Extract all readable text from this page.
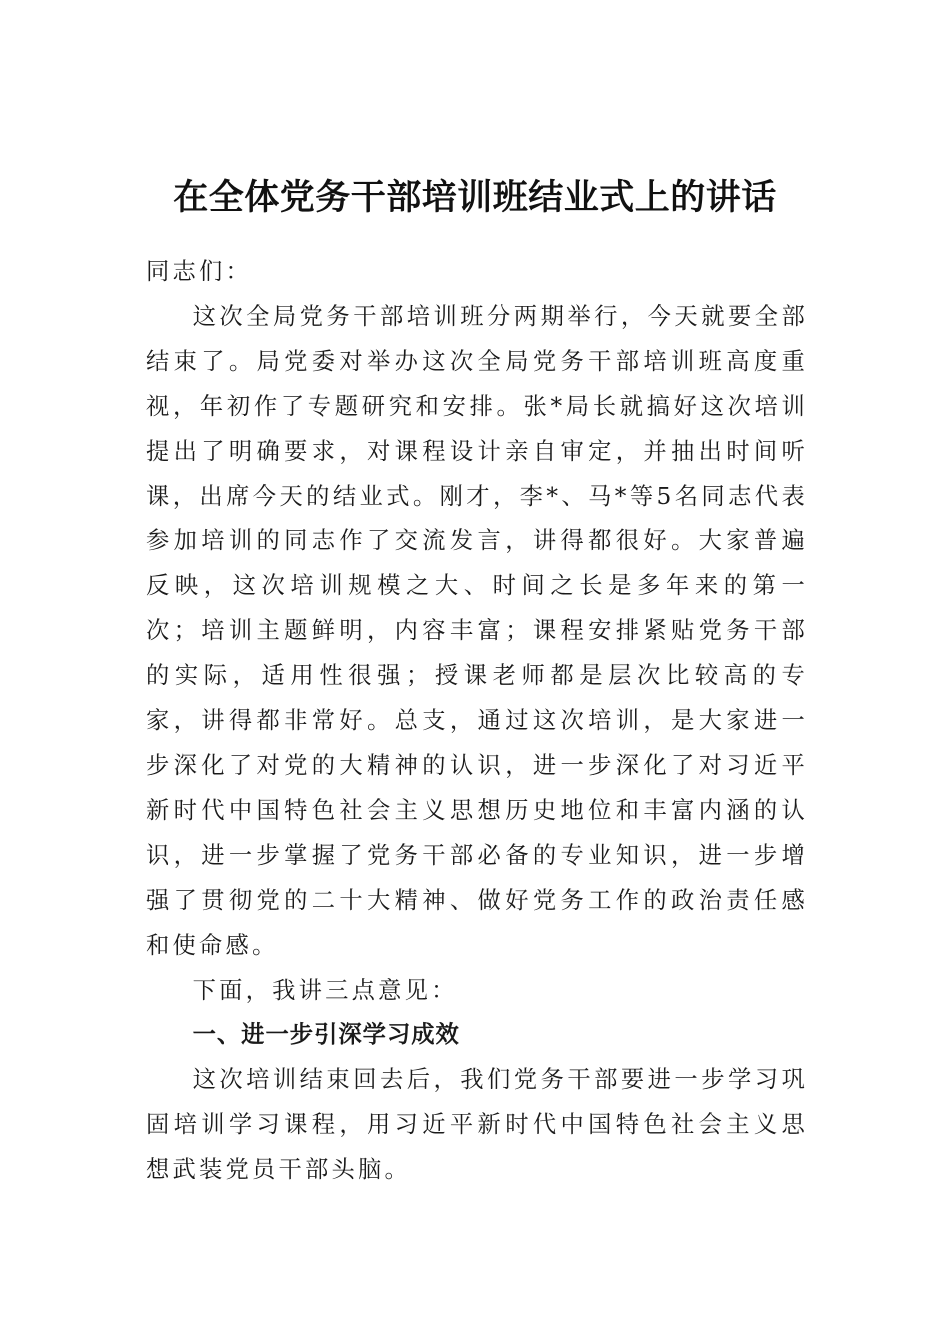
在全体党务干部培训班结业式上的讲话

同志们：

这次全局党务干部培训班分两期举行，今天就要全部结束了。局党委对举办这次全局党务干部培训班高度重视，年初作了专题研究和安排。张*局长就搞好这次培训提出了明确要求，对课程设计亲自审定，并抽出时间听课，出席今天的结业式。刚才，李*、马*等5名同志代表参加培训的同志作了交流发言，讲得都很好。大家普遍反映，这次培训规模之大、时间之长是多年来的第一次；培训主题鲜明，内容丰富；课程安排紧贴党务干部的实际，适用性很强；授课老师都是层次比较高的专家，讲得都非常好。总支，通过这次培训，是大家进一步深化了对党的大精神的认识，进一步深化了对习近平新时代中国特色社会主义思想历史地位和丰富内涵的认识，进一步掌握了党务干部必备的专业知识，进一步增强了贯彻党的二十大精神、做好党务工作的政治责任感和使命感。

下面，我讲三点意见：

一、进一步引深学习成效

这次培训结束回去后，我们党务干部要进一步学习巩固培训学习课程，用习近平新时代中国特色社会主义思想武装党员干部头脑。
